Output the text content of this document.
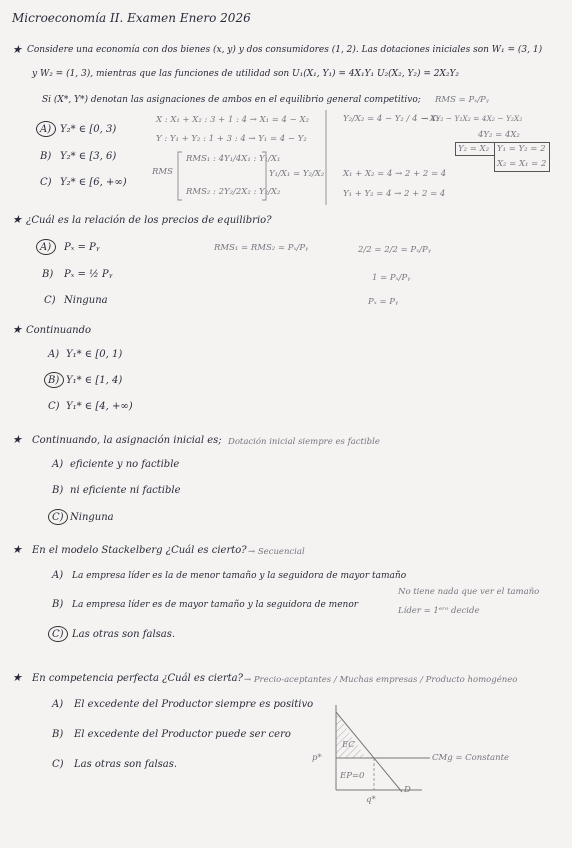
Microeconomía II. Examen Enero 2026
★ Considere una economía con dos bienes (x, y) y dos consumidores (1, 2). Las dotaciones iniciales son W₁ = (3, 1)
y W₂ = (1, 3), mientras que las funciones de utilidad son U₁(X₁, Y₁) = 4X₁Y₁ U₂(X₂, Y₂) = 2X₂Y₂
Si (X*, Y*) denotan las asignaciones de ambos en el equilibrio general competitivo; RMS = Pₓ/Pᵧ
A) Y₂* ∈ [0, 3)
B) Y₂* ∈ [3, 6)
C) Y₂* ∈ [6, +∞)
X : X₁ + X₂ : 3 + 1 : 4 → X₁ = 4 − X₂
Y : Y₁ + Y₂ : 1 + 3 : 4 → Y₁ = 4 − Y₂
RMS
RMS₁ : 4Y₁/4X₁ : Y₁/X₁
RMS₂ : 2Y₂/2X₂ : Y₂/X₂
Y₁/X₁ = Y₂/X₂
Y₂/X₂ = 4 − Y₂ / 4 − X₂
→ 4Y₂ − Y₂X₂ = 4X₂ − Y₂X₂
4Y₂ = 4X₂
Y₂ = X₂ Y₁ = Y₂ = 2
X₂ = X₁ = 2
X₁ + X₂ = 4 → 2 + 2 = 4
Y₁ + Y₂ = 4 → 2 + 2 = 4
★ ¿Cuál es la relación de los precios de equilibrio?
A) Pₓ = Pᵧ
B) Pₓ = ½ Pᵧ
C) Ninguna
RMS₁ = RMS₂ = Pₓ/Pᵧ	2/2 = 2/2 = Pₓ/Pᵧ
1 = Pₓ/Pᵧ
Pₓ = Pᵧ
★ Continuando
A) Y₁* ∈ [0, 1)
B) Y₁* ∈ [1, 4)
C) Y₁* ∈ [4, +∞)
★ Continuando, la asignación inicial es; Dotación inicial siempre es factible
A) eficiente y no factible
B) ni eficiente ni factible
C) Ninguna
★ En el modelo Stackelberg ¿Cuál es cierto? → Secuencial
A) La empresa líder es la de menor tamaño y la seguidora de mayor tamaño
B) La empresa líder es de mayor tamaño y la seguidora de menor
C) Las otras son falsas.
No tiene nada que ver el tamaño
Líder = 1ᵉʳᵒ decide
★ En competencia perfecta ¿Cuál es cierta? → Precio-aceptantes / Muchas empresas / Producto homogéneo
A) El excedente del Productor siempre es positivo
B) El excedente del Productor puede ser cero
C) Las otras son falsas.
EC
EP=0
p*
q*
D
CMg = Constante
